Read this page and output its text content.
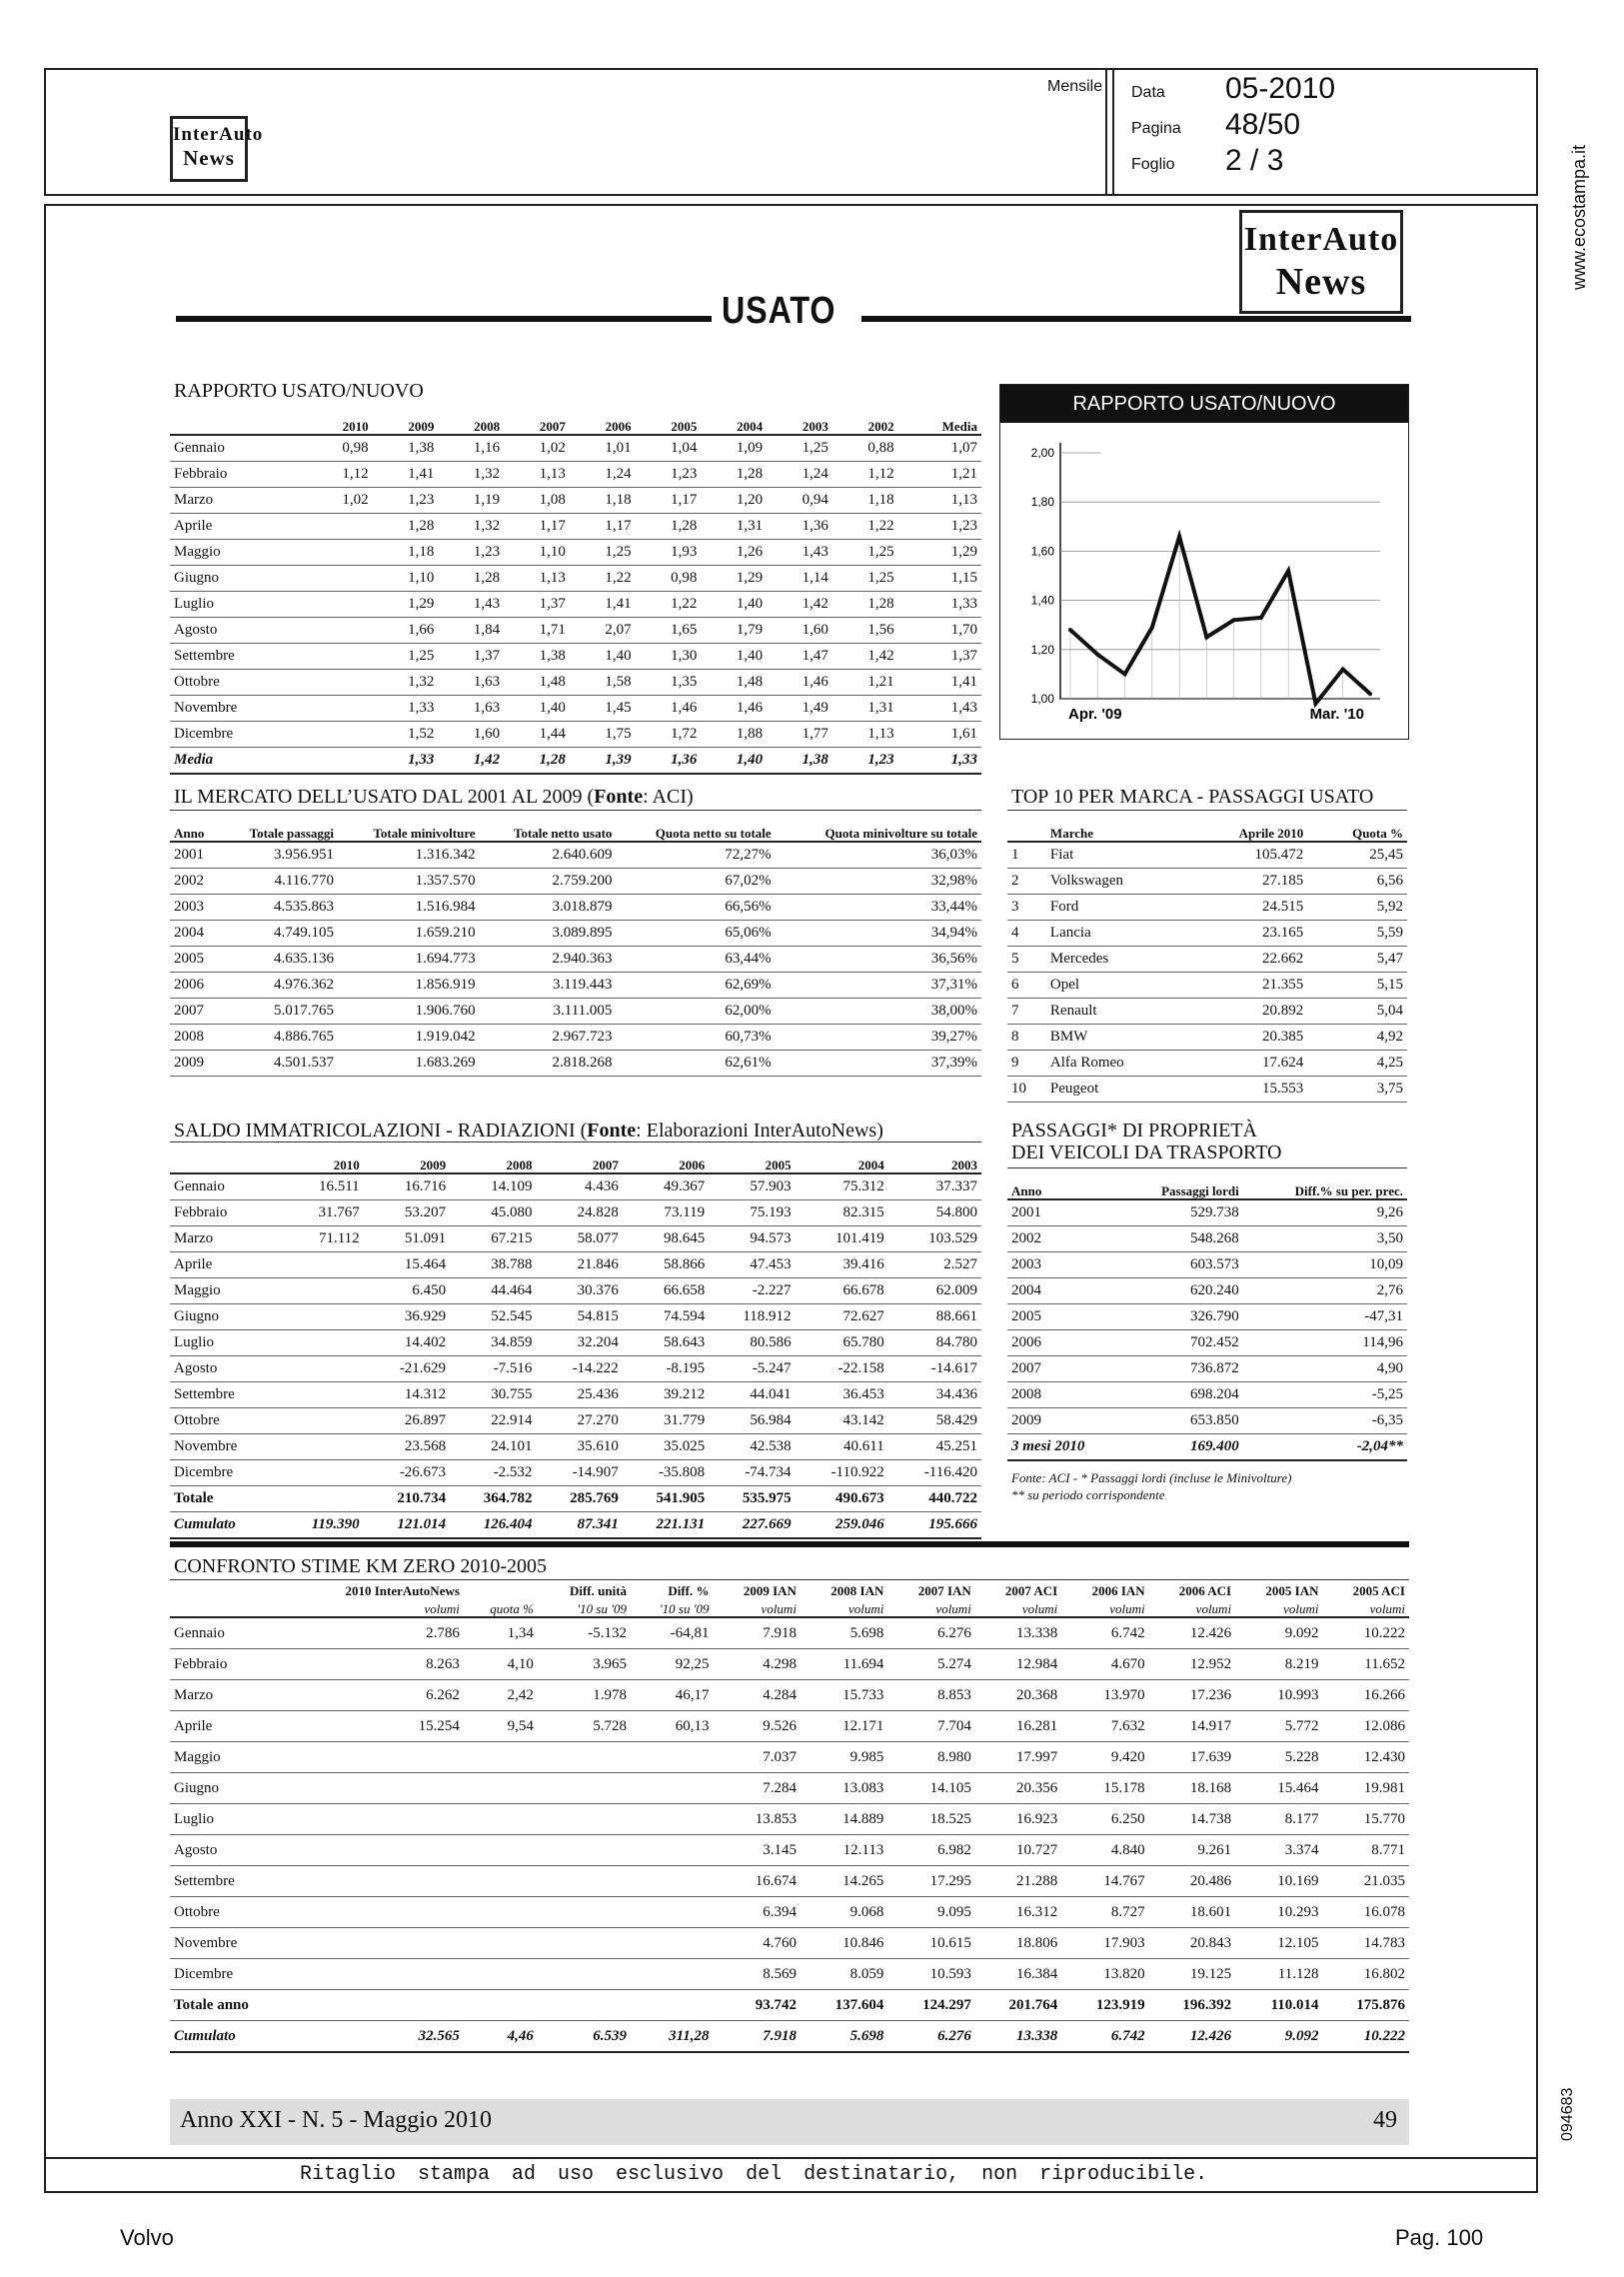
InterAuto
News
Mensile Data 05-2010
Pagina 48/50
Foglio 2 / 3	www.ecostampa.it
094683
InterAuto
News
USATO
RAPPORTO USATO/NUOVO
	2010	2009	2008	2007	2006	2005	2004	2003	2002	Media
Gennaio	0,98	1,38	1,16	1,02	1,01	1,04	1,09	1,25	0,88	1,07
Febbraio	1,12	1,41	1,32	1,13	1,24	1,23	1,28	1,24	1,12	1,21
Marzo	1,02	1,23	1,19	1,08	1,18	1,17	1,20	0,94	1,18	1,13
Aprile		1,28	1,32	1,17	1,17	1,28	1,31	1,36	1,22	1,23
Maggio		1,18	1,23	1,10	1,25	1,93	1,26	1,43	1,25	1,29
Giugno		1,10	1,28	1,13	1,22	0,98	1,29	1,14	1,25	1,15
Luglio		1,29	1,43	1,37	1,41	1,22	1,40	1,42	1,28	1,33
Agosto		1,66	1,84	1,71	2,07	1,65	1,79	1,60	1,56	1,70
Settembre		1,25	1,37	1,38	1,40	1,30	1,40	1,47	1,42	1,37
Ottobre		1,32	1,63	1,48	1,58	1,35	1,48	1,46	1,21	1,41
Novembre		1,33	1,63	1,40	1,45	1,46	1,46	1,49	1,31	1,43
Dicembre		1,52	1,60	1,44	1,75	1,72	1,88	1,77	1,13	1,61
Media		1,33	1,42	1,28	1,39	1,36	1,40	1,38	1,23	1,33
RAPPORTO USATO/NUOVO
1,00
1,20
1,40
1,60
1,80
2,00
Apr. '09	Mar. '10
IL MERCATO DELL’USATO DAL 2001 AL 2009 (Fonte: ACI)
Anno	Totale passaggi	Totale minivolture	Totale netto usato	Quota netto su totale	Quota minivolture su totale
2001	3.956.951	1.316.342	2.640.609	72,27%	36,03%
2002	4.116.770	1.357.570	2.759.200	67,02%	32,98%
2003	4.535.863	1.516.984	3.018.879	66,56%	33,44%
2004	4.749.105	1.659.210	3.089.895	65,06%	34,94%
2005	4.635.136	1.694.773	2.940.363	63,44%	36,56%
2006	4.976.362	1.856.919	3.119.443	62,69%	37,31%
2007	5.017.765	1.906.760	3.111.005	62,00%	38,00%
2008	4.886.765	1.919.042	2.967.723	60,73%	39,27%
2009	4.501.537	1.683.269	2.818.268	62,61%	37,39%
TOP 10 PER MARCA - PASSAGGI USATO
	Marche	Aprile 2010	Quota %
1	Fiat	105.472	25,45
2	Volkswagen	27.185	6,56
3	Ford	24.515	5,92
4	Lancia	23.165	5,59
5	Mercedes	22.662	5,47
6	Opel	21.355	5,15
7	Renault	20.892	5,04
8	BMW	20.385	4,92
9	Alfa Romeo	17.624	4,25
10	Peugeot	15.553	3,75
SALDO IMMATRICOLAZIONI - RADIAZIONI (Fonte: Elaborazioni InterAutoNews)
	2010	2009	2008	2007	2006	2005	2004	2003
Gennaio	16.511	16.716	14.109	4.436	49.367	57.903	75.312	37.337
Febbraio	31.767	53.207	45.080	24.828	73.119	75.193	82.315	54.800
Marzo	71.112	51.091	67.215	58.077	98.645	94.573	101.419	103.529
Aprile		15.464	38.788	21.846	58.866	47.453	39.416	2.527
Maggio		6.450	44.464	30.376	66.658	-2.227	66.678	62.009
Giugno		36.929	52.545	54.815	74.594	118.912	72.627	88.661
Luglio		14.402	34.859	32.204	58.643	80.586	65.780	84.780
Agosto		-21.629	-7.516	-14.222	-8.195	-5.247	-22.158	-14.617
Settembre		14.312	30.755	25.436	39.212	44.041	36.453	34.436
Ottobre		26.897	22.914	27.270	31.779	56.984	43.142	58.429
Novembre		23.568	24.101	35.610	35.025	42.538	40.611	45.251
Dicembre		-26.673	-2.532	-14.907	-35.808	-74.734	-110.922	-116.420
Totale		210.734	364.782	285.769	541.905	535.975	490.673	440.722
Cumulato	119.390	121.014	126.404	87.341	221.131	227.669	259.046	195.666
PASSAGGI* DI PROPRIETÀ
DEI VEICOLI DA TRASPORTO
Anno	Passaggi lordi	Diff.% su per. prec.
2001	529.738	9,26
2002	548.268	3,50
2003	603.573	10,09
2004	620.240	2,76
2005	326.790	-47,31
2006	702.452	114,96
2007	736.872	4,90
2008	698.204	-5,25
2009	653.850	-6,35
3 mesi 2010	169.400	-2,04**
Fonte: ACI - * Passaggi lordi (incluse le Minivolture)
** su periodo corrispondente
CONFRONTO STIME KM ZERO 2010-2005
	2010 InterAutoNews		Diff. unità	Diff. %	2009 IAN	2008 IAN	2007 IAN	2007 ACI	2006 IAN	2006 ACI	2005 IAN	2005 ACI
	volumi	quota %	'10 su '09	'10 su '09	volumi	volumi	volumi	volumi	volumi	volumi	volumi	volumi
Gennaio	2.786	1,34	-5.132	-64,81	7.918	5.698	6.276	13.338	6.742	12.426	9.092	10.222
Febbraio	8.263	4,10	3.965	92,25	4.298	11.694	5.274	12.984	4.670	12.952	8.219	11.652
Marzo	6.262	2,42	1.978	46,17	4.284	15.733	8.853	20.368	13.970	17.236	10.993	16.266
Aprile	15.254	9,54	5.728	60,13	9.526	12.171	7.704	16.281	7.632	14.917	5.772	12.086
Maggio					7.037	9.985	8.980	17.997	9.420	17.639	5.228	12.430
Giugno					7.284	13.083	14.105	20.356	15.178	18.168	15.464	19.981
Luglio					13.853	14.889	18.525	16.923	6.250	14.738	8.177	15.770
Agosto					3.145	12.113	6.982	10.727	4.840	9.261	3.374	8.771
Settembre					16.674	14.265	17.295	21.288	14.767	20.486	10.169	21.035
Ottobre					6.394	9.068	9.095	16.312	8.727	18.601	10.293	16.078
Novembre					4.760	10.846	10.615	18.806	17.903	20.843	12.105	14.783
Dicembre					8.569	8.059	10.593	16.384	13.820	19.125	11.128	16.802
Totale anno					93.742	137.604	124.297	201.764	123.919	196.392	110.014	175.876
Cumulato	32.565	4,46	6.539	311,28	7.918	5.698	6.276	13.338	6.742	12.426	9.092	10.222
Anno XXI - N. 5 - Maggio 2010	49
Ritaglio stampa ad uso esclusivo del destinatario, non riproducibile.
Volvo	Pag. 100
